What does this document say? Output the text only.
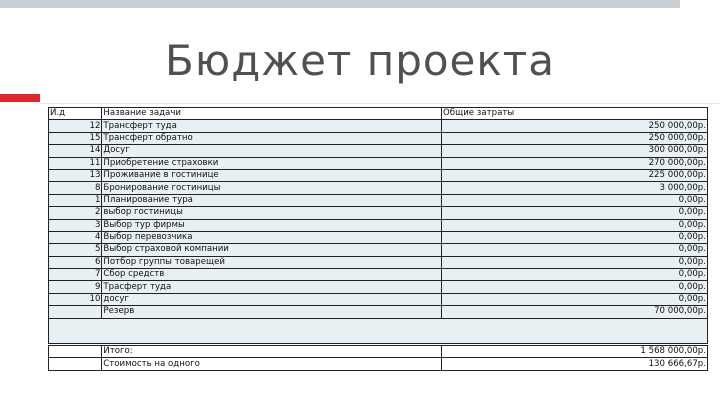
Бюджет проекта
И.д	Название задачи	Общие затраты
12	Трансферт туда	250 000,00р.
15	Трансферт обратно	250 000,00р.
14	Досуг	300 000,00р.
11	Приобретение страховки	270 000,00р.
13	Проживание в гостинице	225 000,00р.
8	Бронирование гостиницы	3 000,00р.
1	Планирование тура	0,00р.
2	выбор гостиницы	0,00р.
3	Выбор тур фирмы	0,00р.
4	Выбор перевозчика	0,00р.
5	Выбор страховой компании	0,00р.
6	Потбор группы товарещей	0,00р.
7	Сбор средств	0,00р.
9	Трасферт туда	0,00р.
10	досуг	0,00р.
	Резерв	70 000,00р.

	Итого:	1 568 000,00р.
	Стоимость на одного	130 666,67р.
